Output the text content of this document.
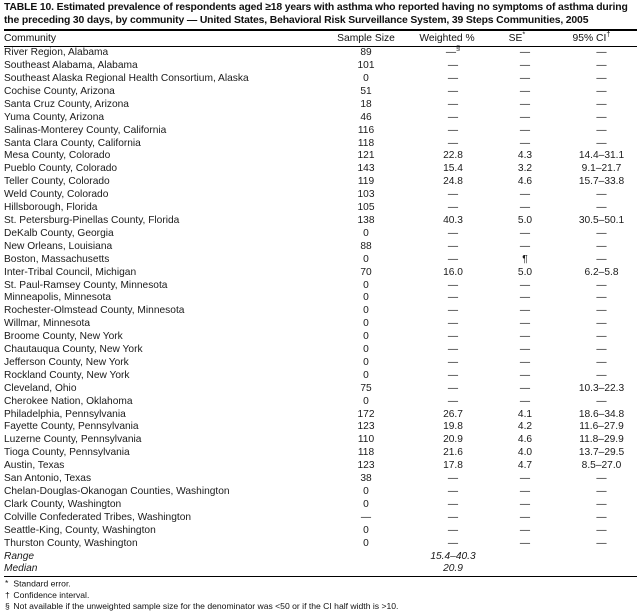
TABLE 10. Estimated prevalence of respondents aged ≥18 years with asthma who reported having no symptoms of asthma during
the preceding 30 days, by community — United States, Behavioral Risk Surveillance System, 39 Steps Communities, 2005
Community	Sample Size	Weighted %	SE*	95% CI†
River Region, Alabama	89	—§	—	—
Southeast Alabama, Alabama	101	—	—	—
Southeast Alaska Regional Health Consortium, Alaska	0	—	—	—
Cochise County, Arizona	51	—	—	—
Santa Cruz County, Arizona	18	—	—	—
Yuma County, Arizona	46	—	—	—
Salinas-Monterey County, California	116	—	—	—
Santa Clara County, California	118	—	—	—
Mesa County, Colorado	121	22.8	4.3	14.4–31.1
Pueblo County, Colorado	143	15.4	3.2	9.1–21.7
Teller County, Colorado	119	24.8	4.6	15.7–33.8
Weld County, Colorado	103	—	—	—
Hillsborough, Florida	105	—	—	—
St. Petersburg-Pinellas County, Florida	138	40.3	5.0	30.5–50.1
DeKalb County, Georgia	0	—	—	—
New Orleans, Louisiana	88	—	—	—
Boston, Massachusetts	0	—	¶	—
Inter-Tribal Council, Michigan	70	16.0	5.0	6.2–5.8
St. Paul-Ramsey County, Minnesota	0	—	—	—
Minneapolis, Minnesota	0	—	—	—
Rochester-Olmstead County, Minnesota	0	—	—	—
Willmar, Minnesota	0	—	—	—
Broome County, New York	0	—	—	—
Chautauqua County, New York	0	—	—	—
Jefferson County, New York	0	—	—	—
Rockland County, New York	0	—	—	—
Cleveland, Ohio	75	—	—	10.3–22.3
Cherokee Nation, Oklahoma	0	—	—	—
Philadelphia, Pennsylvania	172	26.7	4.1	18.6–34.8
Fayette County, Pennsylvania	123	19.8	4.2	11.6–27.9
Luzerne County, Pennsylvania	110	20.9	4.6	11.8–29.9
Tioga County, Pennsylvania	118	21.6	4.0	13.7–29.5
Austin, Texas	123	17.8	4.7	8.5–27.0
San Antonio, Texas	38	—	—	—
Chelan-Douglas-Okanogan Counties, Washington	0	—	—	—
Clark County, Washington	0	—	—	—
Colville Confederated Tribes, Washington	—	—	—	—
Seattle-King, County, Washington	0	—	—	—
Thurston County, Washington	0	—	—	—
Range		15.4–40.3		
Median		20.9		
* Standard error.
† Confidence interval.
§ Not available if the unweighted sample size for the denominator was <50 or if the CI half width is >10.
